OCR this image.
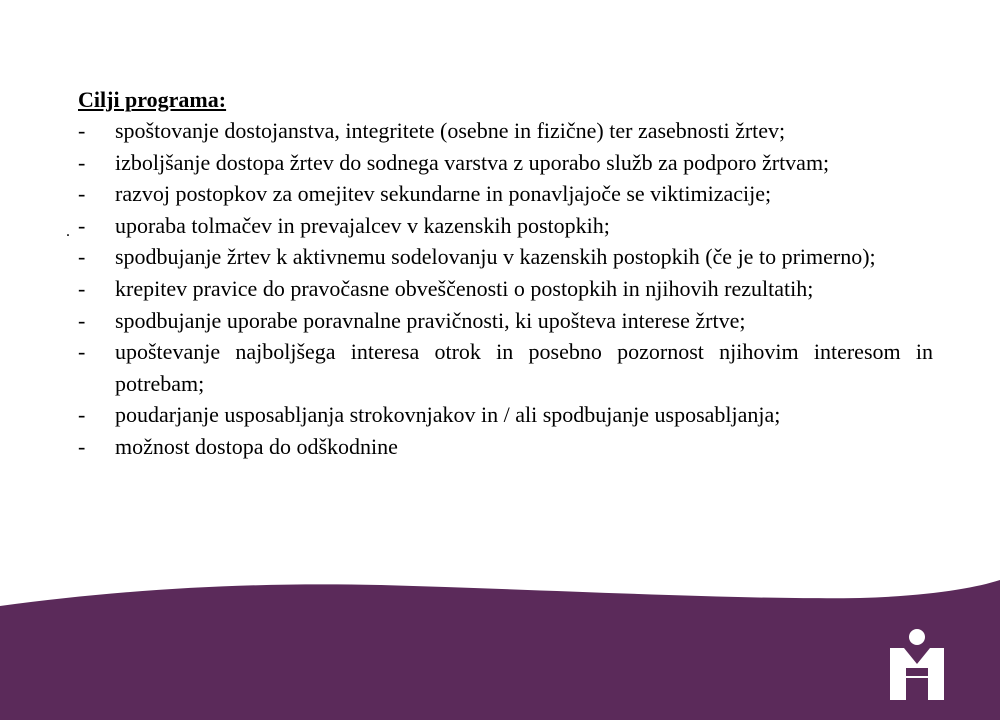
Cilji programa:

-	spoštovanje dostojanstva, integritete (osebne in fizične) ter zasebnosti žrtev;
-	izboljšanje dostopa žrtev do sodnega varstva z uporabo služb za podporo žrtvam;
-	razvoj postopkov za omejitev sekundarne in ponavljajoče se viktimizacije;
-	uporaba tolmačev in prevajalcev v kazenskih postopkih;
-	spodbujanje žrtev k aktivnemu sodelovanju v kazenskih postopkih (če je to primerno);
-	krepitev pravice do pravočasne obveščenosti o postopkih in njihovih rezultatih;
-	spodbujanje uporabe poravnalne pravičnosti, ki upošteva interese žrtve;
-	upoštevanje najboljšega interesa otrok in posebno pozornost njihovim interesom in potrebam;
-	poudarjanje usposabljanja strokovnjakov in / ali spodbujanje usposabljanja;
-	možnost dostopa do odškodnine
.
